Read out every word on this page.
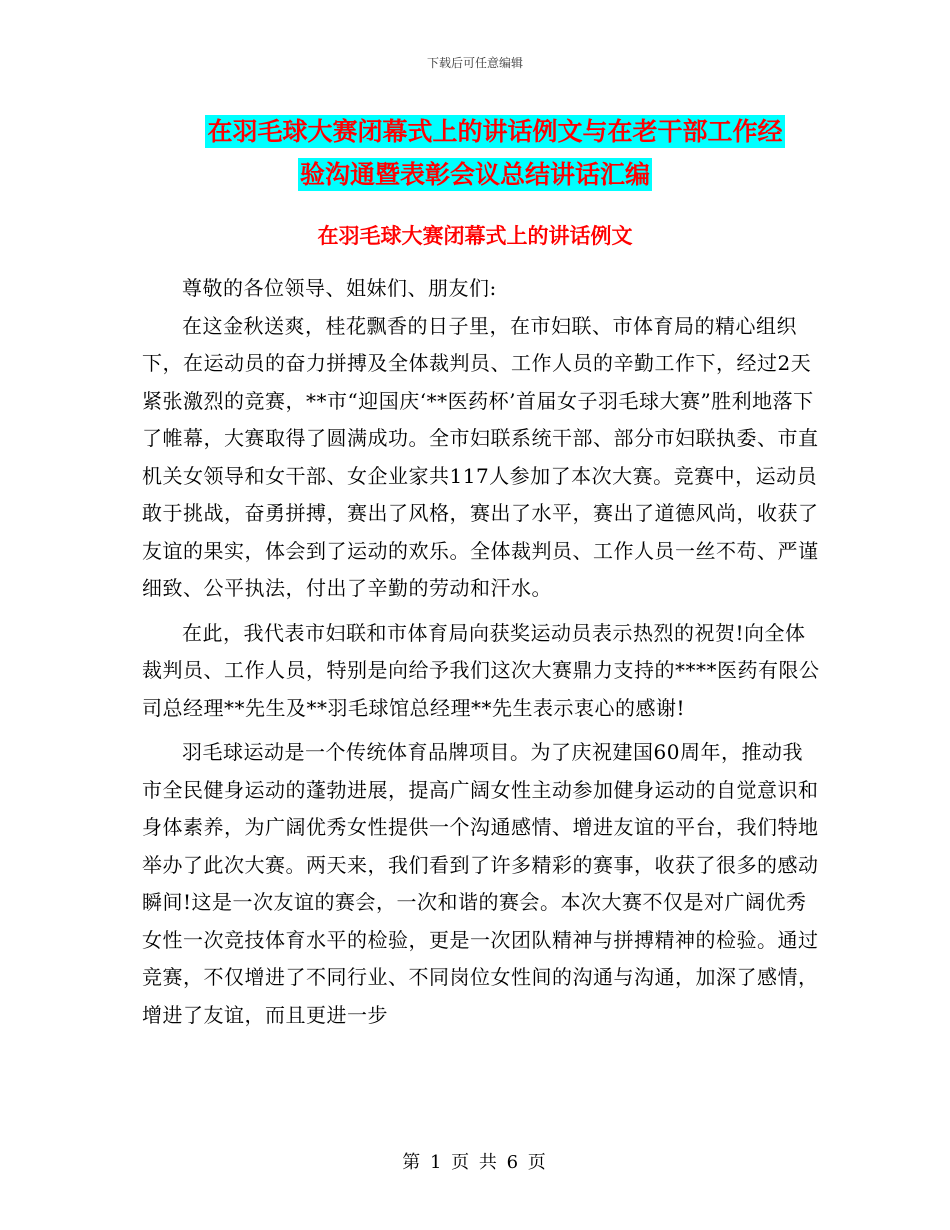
下载后可任意编辑
在羽毛球大赛闭幕式上的讲话例文与在老干部工作经
验沟通暨表彰会议总结讲话汇编
在羽毛球大赛闭幕式上的讲话例文

尊敬的各位领导、姐妹们、朋友们:

在这金秋送爽，桂花飘香的日子里，在市妇联、市体育局的精心组织下，在运动员的奋力拼搏及全体裁判员、工作人员的辛勤工作下，经过2天紧张激烈的竞赛，**市“迎国庆‘**医药杯’首届女子羽毛球大赛”胜利地落下了帷幕，大赛取得了圆满成功。全市妇联系统干部、部分市妇联执委、市直机关女领导和女干部、女企业家共117人参加了本次大赛。竞赛中，运动员敢于挑战，奋勇拼搏，赛出了风格，赛出了水平，赛出了道德风尚，收获了友谊的果实，体会到了运动的欢乐。全体裁判员、工作人员一丝不苟、严谨细致、公平执法，付出了辛勤的劳动和汗水。

在此，我代表市妇联和市体育局向获奖运动员表示热烈的祝贺!向全体裁判员、工作人员，特别是向给予我们这次大赛鼎力支持的****医药有限公司总经理**先生及**羽毛球馆总经理**先生表示衷心的感谢!

羽毛球运动是一个传统体育品牌项目。为了庆祝建国60周年，推动我市全民健身运动的蓬勃进展，提高广阔女性主动参加健身运动的自觉意识和身体素养，为广阔优秀女性提供一个沟通感情、增进友谊的平台，我们特地举办了此次大赛。两天来，我们看到了许多精彩的赛事，收获了很多的感动瞬间!这是一次友谊的赛会，一次和谐的赛会。本次大赛不仅是对广阔优秀女性一次竞技体育水平的检验，更是一次团队精神与拼搏精神的检验。通过竞赛，不仅增进了不同行业、不同岗位女性间的沟通与沟通，加深了感情，增进了友谊，而且更进一步

第 1 页 共 6 页
